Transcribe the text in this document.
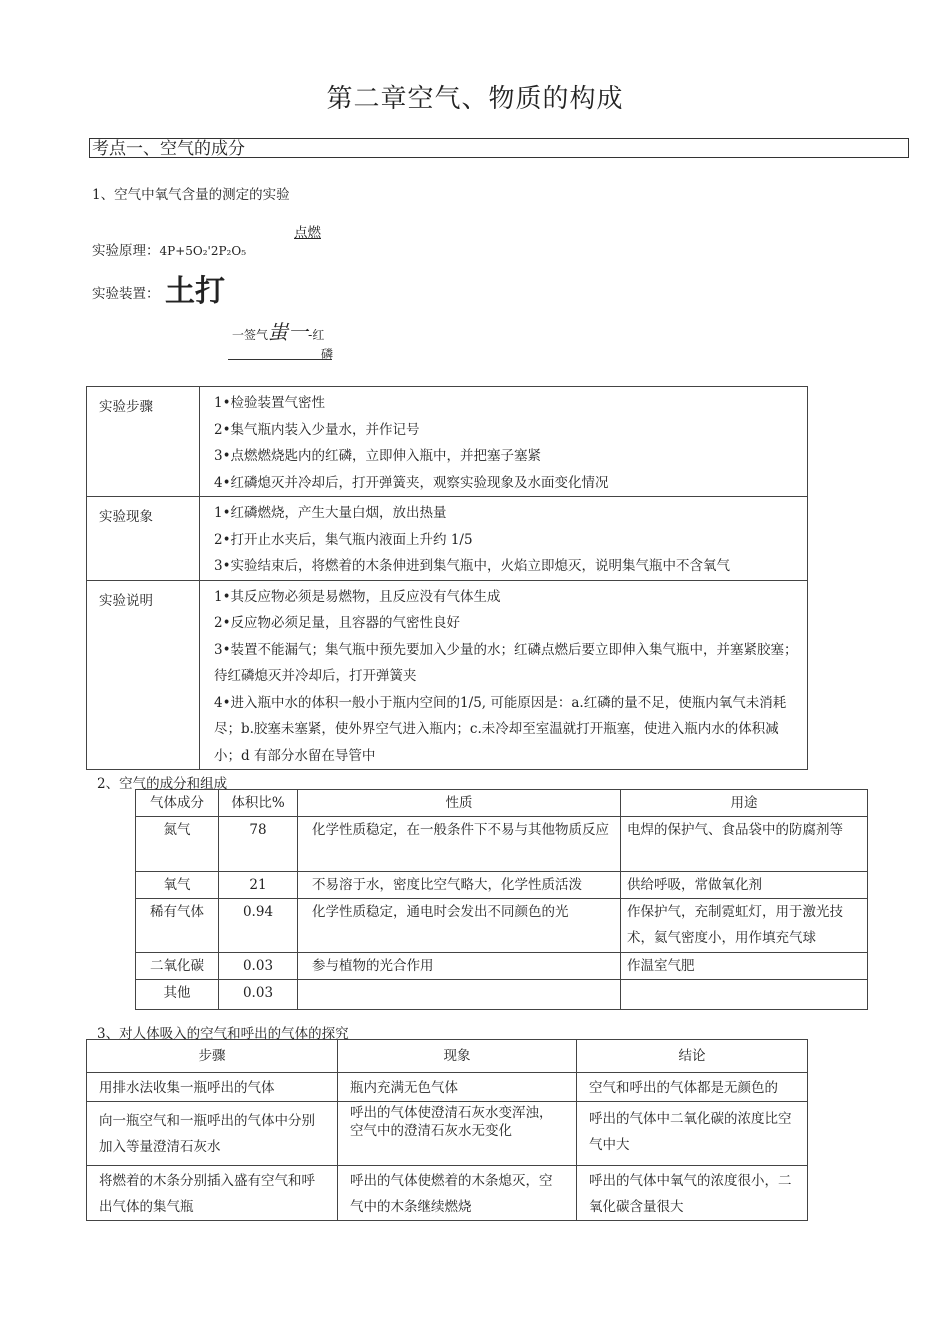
第二章空气、物质的构成
考点一、空气的成分
1、空气中氧气含量的测定的实验
点燃
实验原理：4P+5O₂'2P₂O₅
实验装置： 土打
一签气蚩一-红
磷
实验步骤	1•检验装置气密性
2•集气瓶内装入少量水，并作记号
3•点燃燃烧匙内的红磷，立即伸入瓶中，并把塞子塞紧
4•红磷熄灭并冷却后，打开弹簧夹，观察实验现象及水面变化情况

实验现象	1•红磷燃烧，产生大量白烟，放出热量
2•打开止水夹后，集气瓶内液面上升约 1/5
3•实验结束后，将燃着的木条伸进到集气瓶中，火焰立即熄灭，说明集气瓶中不含氧气

实验说明	1•其反应物必须是易燃物，且反应没有气体生成
2•反应物必须足量，且容器的气密性良好
3•装置不能漏气；集气瓶中预先要加入少量的水；红磷点燃后要立即伸入集气瓶中，并塞紧胶塞；待红磷熄灭并冷却后，打开弹簧夹
4•进入瓶中水的体积一般小于瓶内空间的1/5, 可能原因是：a.红磷的量不足，使瓶内氧气未消耗尽；b.胶塞未塞紧，使外界空气进入瓶内；c.未冷却至室温就打开瓶塞，使进入瓶内水的体积减小；d 有部分水留在导管中
2、空气的成分和组成
气体成分	体积比%	性质	用途
氮气	78	化学性质稳定，在一般条件下不易与其他物质反应	电焊的保护气、食品袋中的防腐剂等
氧气	21	不易溶于水，密度比空气略大，化学性质活泼	供给呼吸，常做氧化剂
稀有气体	0.94	化学性质稳定，通电时会发出不同颜色的光	作保护气，充制霓虹灯，用于激光技术，氦气密度小，用作填充气球
二氧化碳	0.03	参与植物的光合作用	作温室气肥
其他	0.03		
3、对人体吸入的空气和呼出的气体的探究
步骤	现象	结论
用排水法收集一瓶呼出的气体	瓶内充满无色气体	空气和呼出的气体都是无颜色的
向一瓶空气和一瓶呼出的气体中分别加入等量澄清石灰水	呼出的气体使澄清石灰水变浑浊，空气中的澄清石灰水无变化	呼出的气体中二氧化碳的浓度比空气中大
将燃着的木条分别插入盛有空气和呼出气体的集气瓶	呼出的气体使燃着的木条熄灭，空气中的木条继续燃烧	呼出的气体中氧气的浓度很小，二氧化碳含量很大
